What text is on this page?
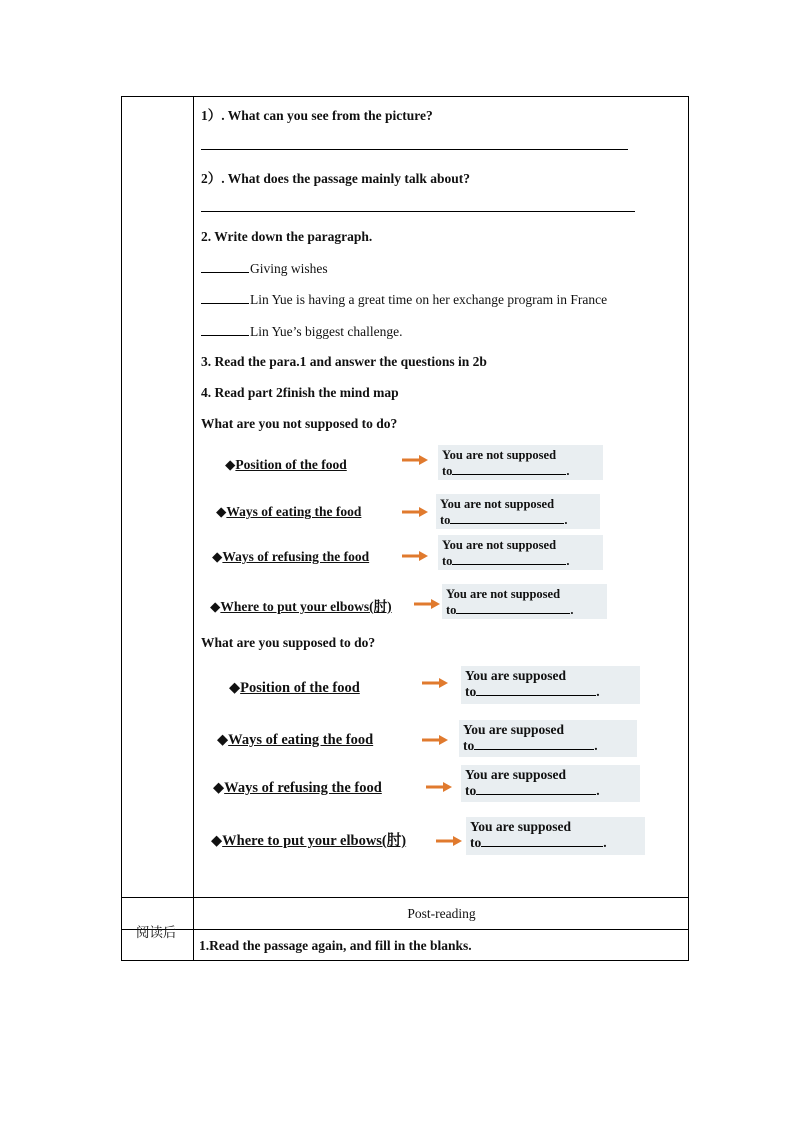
1）. What can you see from the picture?
2）. What does the passage mainly talk about?
2. Write down the paragraph.
Giving wishes
Lin Yue is having a great time on her exchange program in France
Lin Yue’s biggest challenge.
3. Read the para.1 and answer the questions in 2b
4. Read part 2finish the mind map
What are you not supposed to do?
◆Position of the food
You are not supposed
to	.
◆Ways of eating the food	You are not supposed
to	.
◆Ways of refusing the food
You are not supposed
to	.
◆Where to put your elbows(肘)
You are not supposed
to	.
What are you supposed to do?
◆Position of the food
You are supposed
to	.
◆Ways of eating the food
You are supposed
to	.
◆Ways of refusing the food
You are supposed
to	.
◆Where to put your elbows(肘)
You are supposed
to	.
阅读后
Post-reading
1.Read the passage again, and fill in the blanks.
